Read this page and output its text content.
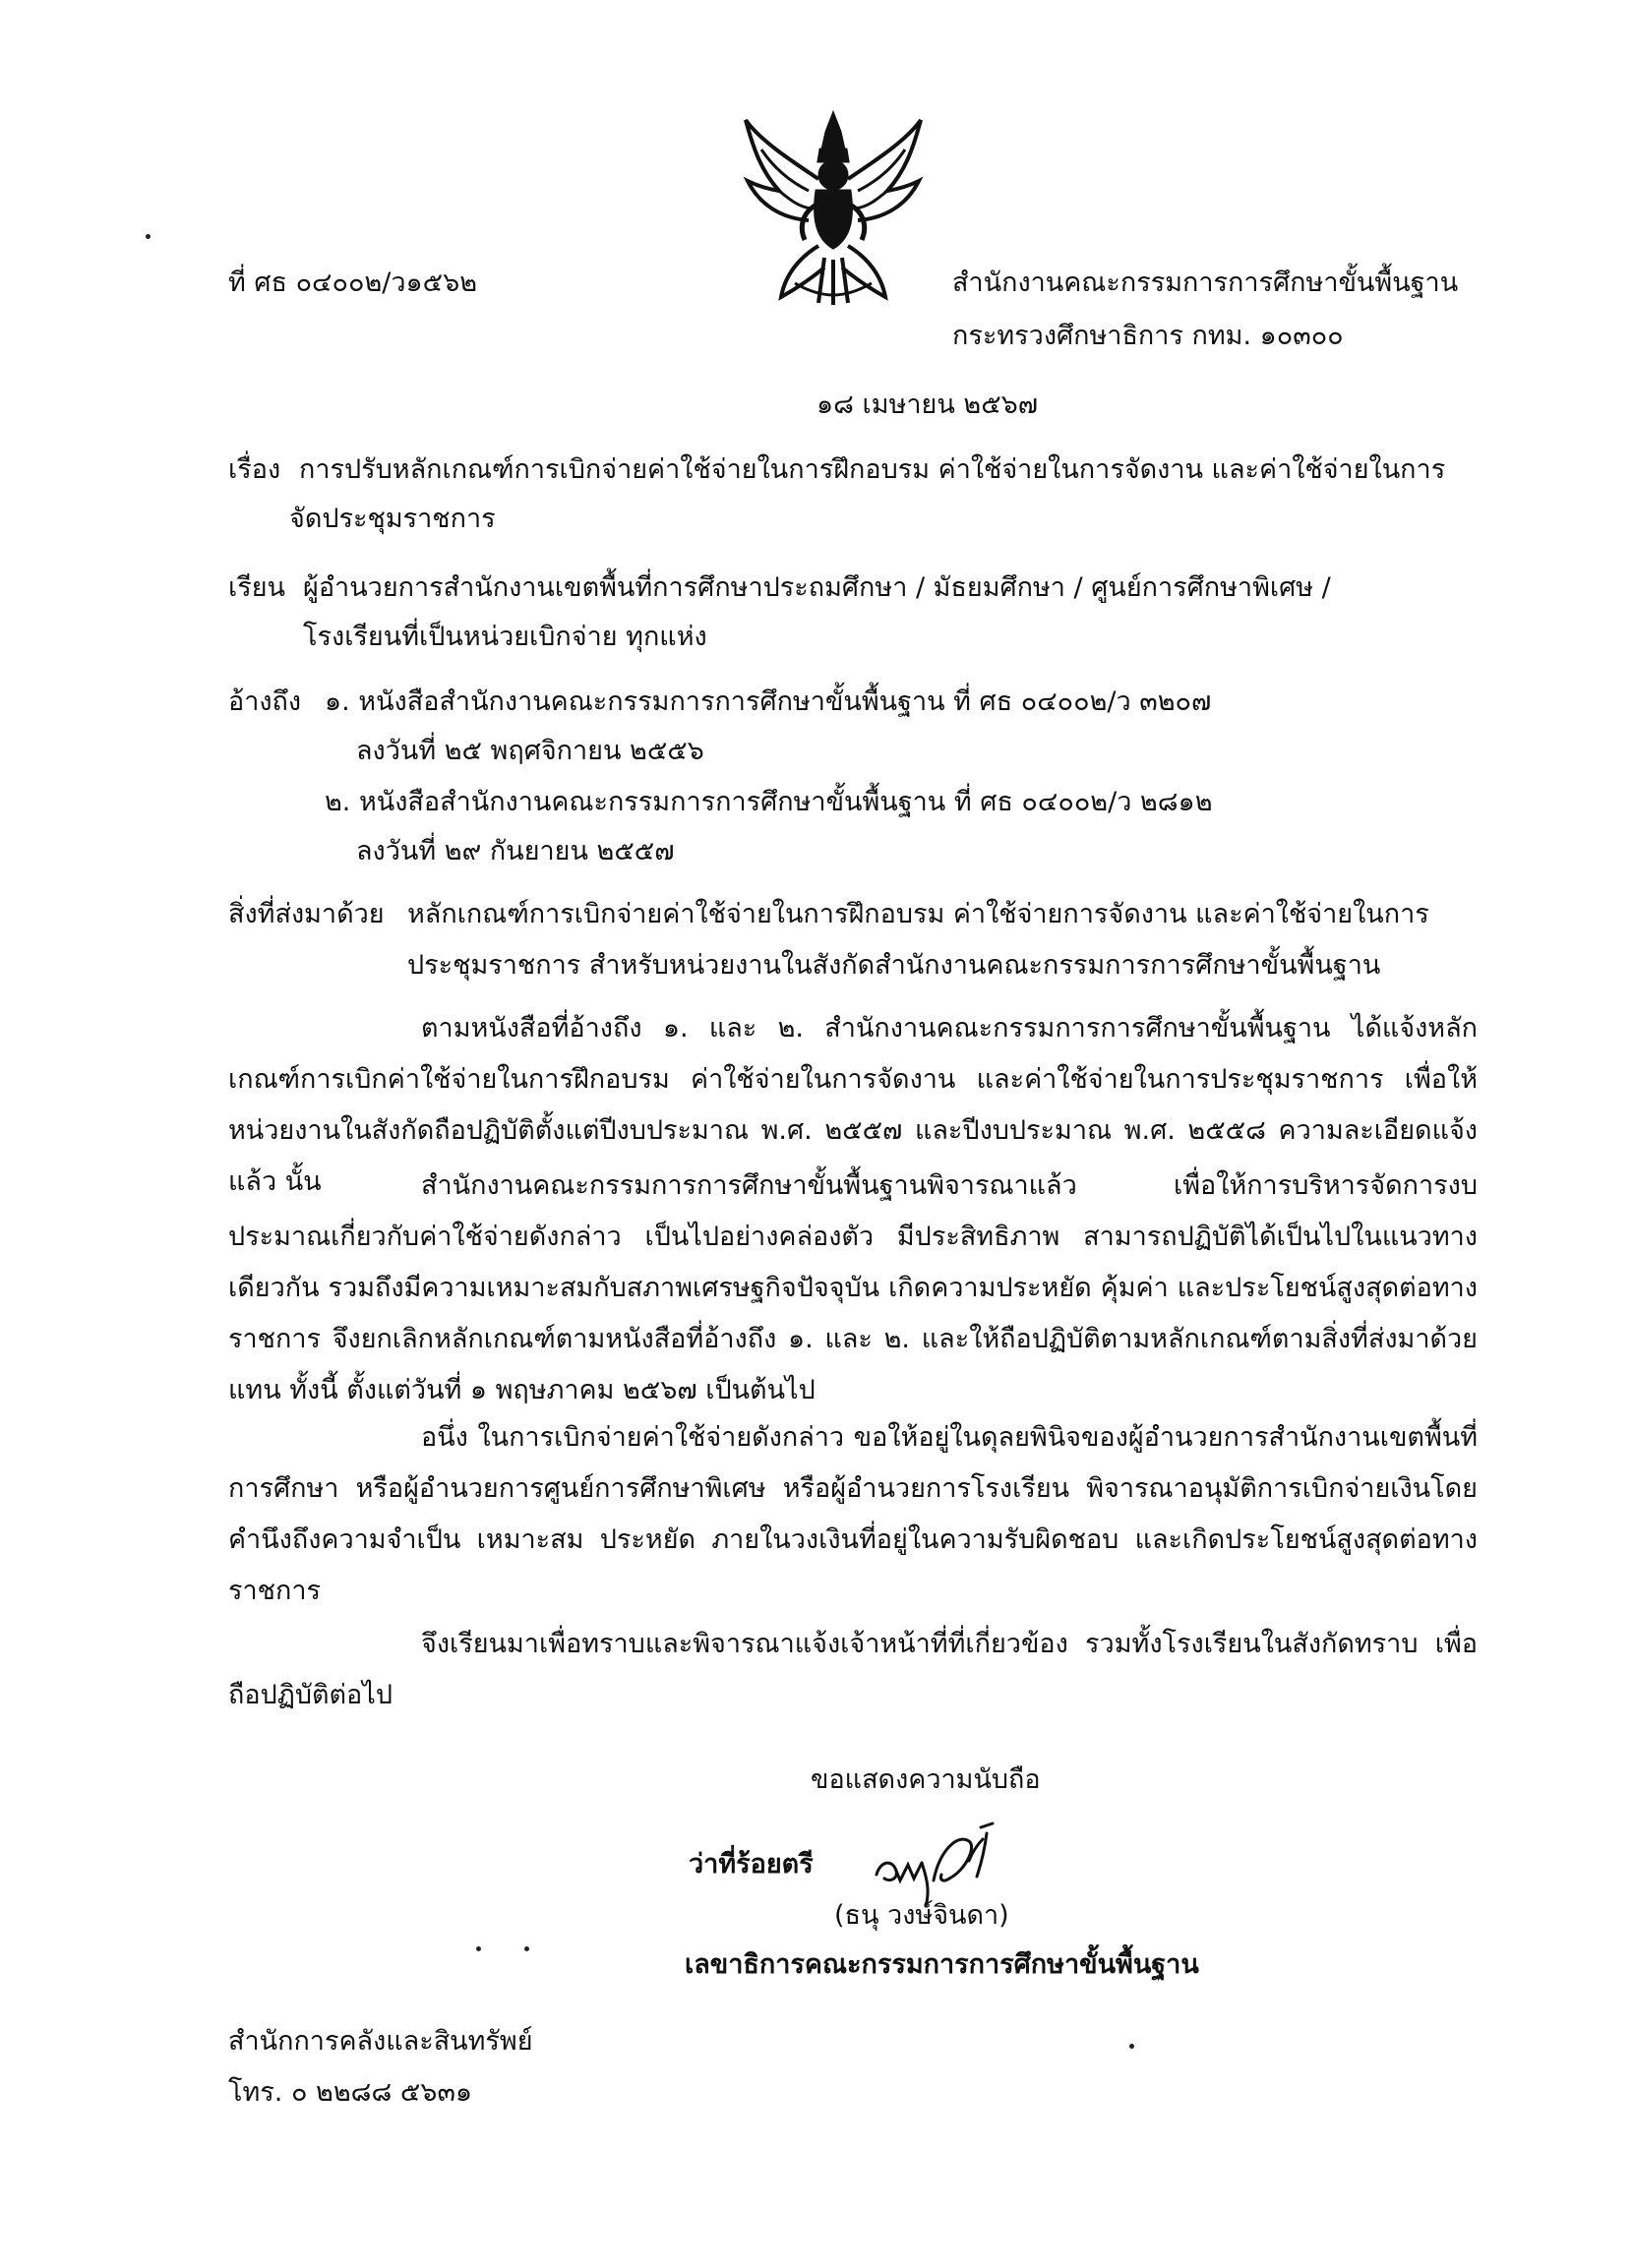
ที่ ศธ ๐๔๐๐๒/ว๑๕๖๒	สำนักงานคณะกรรมการการศึกษาขั้นพื้นฐาน
กระทรวงศึกษาธิการ กทม. ๑๐๓๐๐
๑๘ เมษายน ๒๕๖๗
เรื่อง การปรับหลักเกณฑ์การเบิกจ่ายค่าใช้จ่ายในการฝึกอบรม ค่าใช้จ่ายในการจัดงาน และค่าใช้จ่ายในการ
จัดประชุมราชการ
เรียน ผู้อำนวยการสำนักงานเขตพื้นที่การศึกษาประถมศึกษา / มัธยมศึกษา / ศูนย์การศึกษาพิเศษ /
โรงเรียนที่เป็นหน่วยเบิกจ่าย ทุกแห่ง
อ้างถึง ๑. หนังสือสำนักงานคณะกรรมการการศึกษาขั้นพื้นฐาน ที่ ศธ ๐๔๐๐๒/ว ๓๒๐๗
ลงวันที่ ๒๕ พฤศจิกายน ๒๕๕๖
๒. หนังสือสำนักงานคณะกรรมการการศึกษาขั้นพื้นฐาน ที่ ศธ ๐๔๐๐๒/ว ๒๘๑๒
ลงวันที่ ๒๙ กันยายน ๒๕๕๗
สิ่งที่ส่งมาด้วย หลักเกณฑ์การเบิกจ่ายค่าใช้จ่ายในการฝึกอบรม ค่าใช้จ่ายการจัดงาน และค่าใช้จ่ายในการ
ประชุมราชการ สำหรับหน่วยงานในสังกัดสำนักงานคณะกรรมการการศึกษาขั้นพื้นฐาน
ตามหนังสือที่อ้างถึง ๑. และ ๒. สำนักงานคณะกรรมการการศึกษาขั้นพื้นฐาน ได้แจ้งหลักเกณฑ์การเบิกค่าใช้จ่ายในการฝึกอบรม ค่าใช้จ่ายในการจัดงาน และค่าใช้จ่ายในการประชุมราชการ เพื่อให้หน่วยงานในสังกัดถือปฏิบัติตั้งแต่ปีงบประมาณ พ.ศ. ๒๕๕๗ และปีงบประมาณ พ.ศ. ๒๕๕๘ ความละเอียดแจ้งแล้ว นั้น	สำนักงานคณะกรรมการการศึกษาขั้นพื้นฐานพิจารณาแล้ว เพื่อให้การบริหารจัดการงบประมาณเกี่ยวกับค่าใช้จ่ายดังกล่าว เป็นไปอย่างคล่องตัว มีประสิทธิภาพ สามารถปฏิบัติได้เป็นไปในแนวทางเดียวกัน รวมถึงมีความเหมาะสมกับสภาพเศรษฐกิจปัจจุบัน เกิดความประหยัด คุ้มค่า และประโยชน์สูงสุดต่อทางราชการ จึงยกเลิกหลักเกณฑ์ตามหนังสือที่อ้างถึง ๑. และ ๒. และให้ถือปฏิบัติตามหลักเกณฑ์ตามสิ่งที่ส่งมาด้วยแทน ทั้งนี้ ตั้งแต่วันที่ ๑ พฤษภาคม ๒๕๖๗ เป็นต้นไป
อนึ่ง ในการเบิกจ่ายค่าใช้จ่ายดังกล่าว ขอให้อยู่ในดุลยพินิจของผู้อำนวยการสำนักงานเขตพื้นที่การศึกษา หรือผู้อำนวยการศูนย์การศึกษาพิเศษ หรือผู้อำนวยการโรงเรียน พิจารณาอนุมัติการเบิกจ่ายเงินโดยคำนึงถึงความจำเป็น เหมาะสม ประหยัด ภายในวงเงินที่อยู่ในความรับผิดชอบ และเกิดประโยชน์สูงสุดต่อทางราชการ
จึงเรียนมาเพื่อทราบและพิจารณาแจ้งเจ้าหน้าที่ที่เกี่ยวข้อง รวมทั้งโรงเรียนในสังกัดทราบ เพื่อถือปฏิบัติต่อไป
ขอแสดงความนับถือ
ว่าที่ร้อยตรี
(ธนุ วงษ์จินดา)
เลขาธิการคณะกรรมการการศึกษาขั้นพื้นฐาน
สำนักการคลังและสินทรัพย์
โทร. ๐ ๒๒๘๘ ๕๖๓๑
